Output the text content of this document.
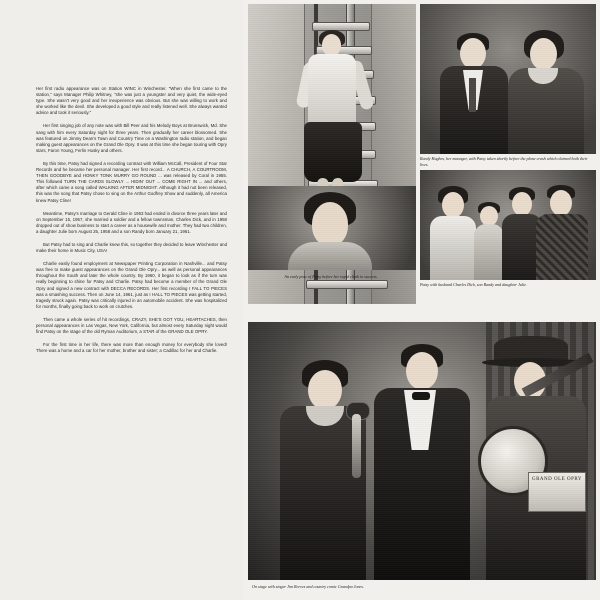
Her first radio appearance was on Station WINC in Winchester. "When she first came to the station," says Manager Philip Whitney, "she was just a youngster and very quiet, the wide-eyed type. She wasn't very good and her inexperience was obvious. But she was willing to work and she worked like the devil. She developed a good style and really listened well. She always wanted advice and took it seriously."

Her first singing job of any note was with Bill Peer and his Melody Boys at Brunswick, Md. She sang with him every Saturday night for three years. Then gradually her career blossomed. She was featured on Jimmy Dean's Town and Country Time on a Washington radio station, and began making guest appearances on the Grand Ole Opry. It was at this time she began touring with Opry stars, Faron Young, Ferlin Husky and others.

By this time, Patsy had signed a recording contract with William McCall, President of Four Star Records and he became her personal manager. Her first record... A CHURCH, A COURTROOM, THEN GOODBYE and HONKY TONK MURRY GO ROUND ... was released by Coral in 1955. This followed TURN THE CARDS SLOWLY ... HIDIN' OUT ... COME RIGHT IN ... and others, after which came a song called WALKING AFTER MIDNIGHT. Although it had not been released, this was the song that Patsy chose to sing on the Arthur Godfrey Show and suddenly, all America knew Patsy Cline!

Meantime, Patsy's marriage to Gerald Cline in 1953 had ended in divorce three years later and on September 15, 1957, she married a soldier and a fellow townsman, Charles Dick, and in 1958 dropped out of show business to start a career as a housewife and mother. They had two children, a daughter Julie born August 25, 1958 and a son Randy born January 21, 1961.

But Patsy had to sing and Charlie knew this, so together they decided to leave Winchester and make their home in Music City, USA!

Charlie easily found employment at Newspaper Printing Corporation in Nashville... and Patsy was free to make guest appearances on the Grand Ole Opry... as well as personal appearances throughout the South and later the whole country. By 1960, it began to look as if the turn was really beginning to shine for Patsy and Charlie. Patsy had become a member of the Grand Ole Opry and signed a new contract with DECCA RECORDS. Her first recording I FALL TO PIECES was a smashing success. Then on June 14, 1961, just as I HALL TO PIECES was getting started, tragedy struck again. Patsy was critically injured in an automobile accident. She was hospitalized for months, finally going back to work on crutches.

Then came a whole series of hit recordings, CRAZY, SHE'S GOT YOU, HEARTACHES, then personal appearances in Las Vegas, New York, California, but almost every Saturday night would find Patsy on the stage of the old Ryman Auditorium, a STAR of the GRAND OLE OPRY.

For the first time in her life, there was more than enough money for everybody she loved! There was a home and a car for her mother, brother and sister; a Cadillac for her and Charlie.

Randy Hughes, her manager, with Patsy taken shortly before the plane crash which claimed both their lives.
An early pose of Patsy before her rapid climb to success.
Patsy with husband Charles Dick, son Randy and daughter Julie.
GRAND OLE OPRY
On stage with singer Jim Reeves and country comic Grandpa Jones.
